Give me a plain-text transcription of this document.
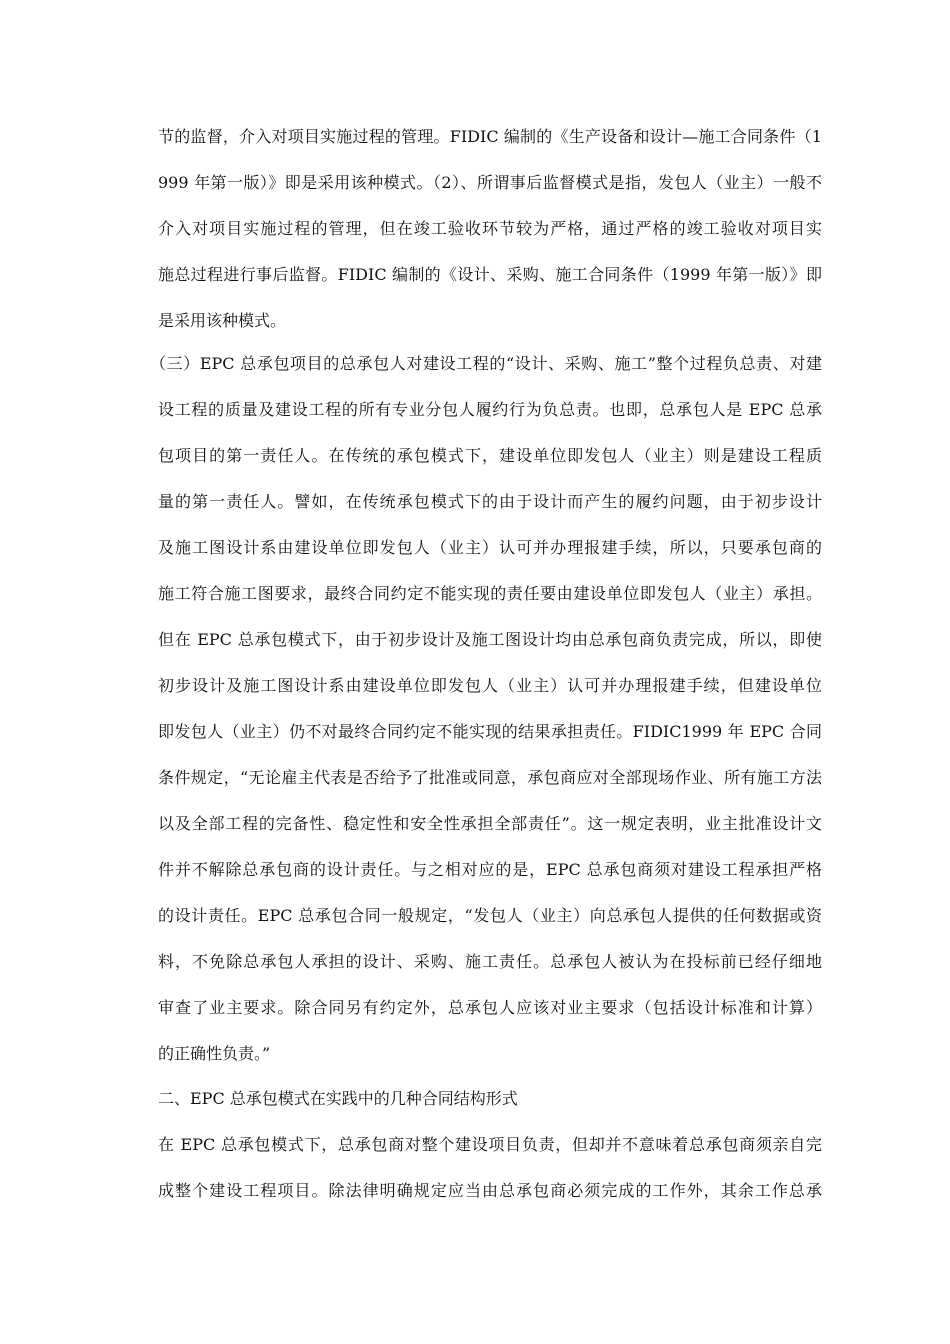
节的监督，介入对项目实施过程的管理。FIDIC 编制的《生产设备和设计—施工合同条件（1
999 年第一版）》即是采用该种模式。（2）、所谓事后监督模式是指，发包人（业主）一般不
介入对项目实施过程的管理，但在竣工验收环节较为严格，通过严格的竣工验收对项目实
施总过程进行事后监督。FIDIC 编制的《设计、采购、施工合同条件（1999 年第一版）》即
是采用该种模式。
（三）EPC 总承包项目的总承包人对建设工程的“设计、采购、施工”整个过程负总责、对建
设工程的质量及建设工程的所有专业分包人履约行为负总责。也即，总承包人是 EPC 总承
包项目的第一责任人。在传统的承包模式下，建设单位即发包人（业主）则是建设工程质
量的第一责任人。譬如，在传统承包模式下的由于设计而产生的履约问题，由于初步设计
及施工图设计系由建设单位即发包人（业主）认可并办理报建手续，所以，只要承包商的
施工符合施工图要求，最终合同约定不能实现的责任要由建设单位即发包人（业主）承担。
但在 EPC 总承包模式下，由于初步设计及施工图设计均由总承包商负责完成，所以，即使
初步设计及施工图设计系由建设单位即发包人（业主）认可并办理报建手续，但建设单位
即发包人（业主）仍不对最终合同约定不能实现的结果承担责任。FIDIC1999 年 EPC 合同
条件规定，“无论雇主代表是否给予了批准或同意，承包商应对全部现场作业、所有施工方法
以及全部工程的完备性、稳定性和安全性承担全部责任”。这一规定表明，业主批准设计文
件并不解除总承包商的设计责任。与之相对应的是，EPC 总承包商须对建设工程承担严格
的设计责任。EPC 总承包合同一般规定，“发包人（业主）向总承包人提供的任何数据或资
料，不免除总承包人承担的设计、采购、施工责任。总承包人被认为在投标前已经仔细地
审查了业主要求。除合同另有约定外，总承包人应该对业主要求（包括设计标准和计算）
的正确性负责。”
二、EPC 总承包模式在实践中的几种合同结构形式
在 EPC 总承包模式下，总承包商对整个建设项目负责，但却并不意味着总承包商须亲自完
成整个建设工程项目。除法律明确规定应当由总承包商必须完成的工作外，其余工作总承
